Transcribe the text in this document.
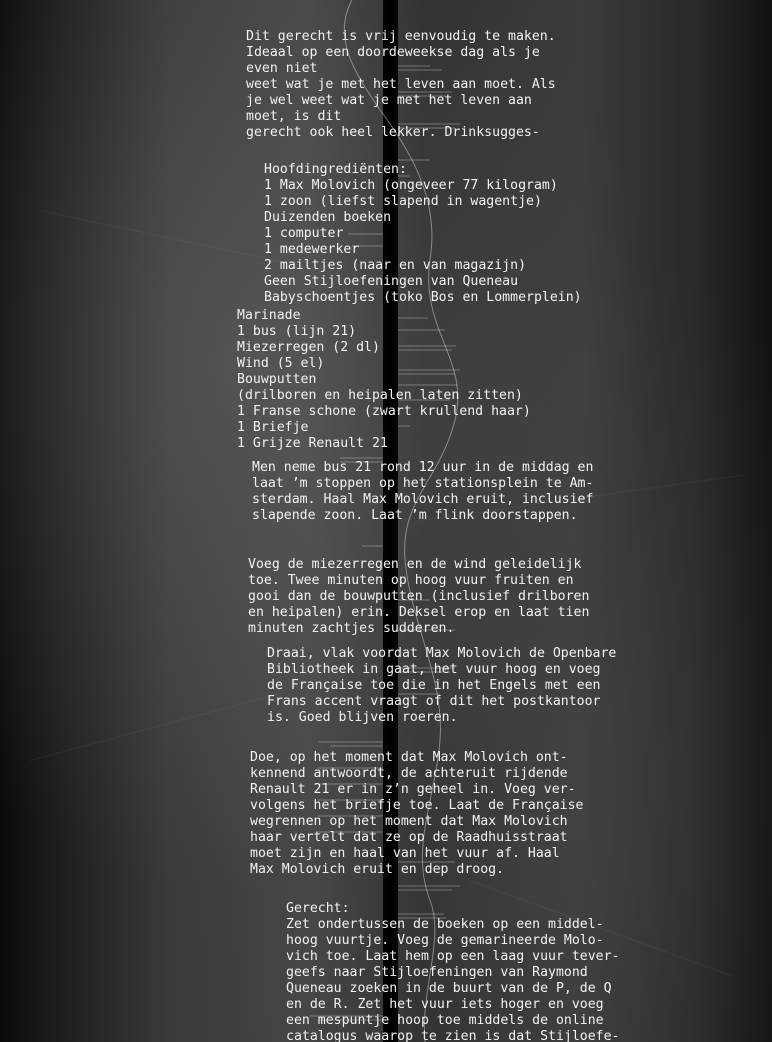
Dit gerecht is vrij eenvoudig te maken.
Ideaal op een doordeweekse dag als je
even niet
weet wat je met het leven aan moet. Als
je wel weet wat je met het leven aan
moet, is dit
gerecht ook heel lekker. Drinksugges-
Hoofdingrediënten:
1 Max Molovich (ongeveer 77 kilogram)
1 zoon (liefst slapend in wagentje)
Duizenden boeken
1 computer
1 medewerker
2 mailtjes (naar en van magazijn)
Geen Stijloefeningen van Queneau
Babyschoentjes (toko Bos en Lommerplein)
Marinade
1 bus (lijn 21)
Miezerregen (2 dl)
Wind (5 el)
Bouwputten
(drilboren en heipalen laten zitten)
1 Franse schone (zwart krullend haar)
1 Briefje
1 Grijze Renault 21
Men neme bus 21 rond 12 uur in de middag en
laat ’m stoppen op het stationsplein te Am-
sterdam. Haal Max Molovich eruit, inclusief
slapende zoon. Laat ’m flink doorstappen.
Voeg de miezerregen en de wind geleidelijk
toe. Twee minuten op hoog vuur fruiten en
gooi dan de bouwputten (inclusief drilboren
en heipalen) erin. Deksel erop en laat tien
minuten zachtjes sudderen.
Draai, vlak voordat Max Molovich de Openbare
Bibliotheek in gaat, het vuur hoog en voeg
de Française toe die in het Engels met een
Frans accent vraagt of dit het postkantoor
is. Goed blijven roeren.
Doe, op het moment dat Max Molovich ont-
kennend antwoordt, de achteruit rijdende
Renault 21 er in z’n geheel in. Voeg ver-
volgens het briefje toe. Laat de Française
wegrennen op het moment dat Max Molovich
haar vertelt dat ze op de Raadhuisstraat
moet zijn en haal van het vuur af. Haal
Max Molovich eruit en dep droog.
Gerecht:
Zet ondertussen de boeken op een middel-
hoog vuurtje. Voeg de gemarineerde Molo-
vich toe. Laat hem op een laag vuur tever-
geefs naar Stijloefeningen van Raymond
Queneau zoeken in de buurt van de P, de Q
en de R. Zet het vuur iets hoger en voeg
een mespuntje hoop toe middels de online
catalogus waarop te zien is dat Stijloefe-
